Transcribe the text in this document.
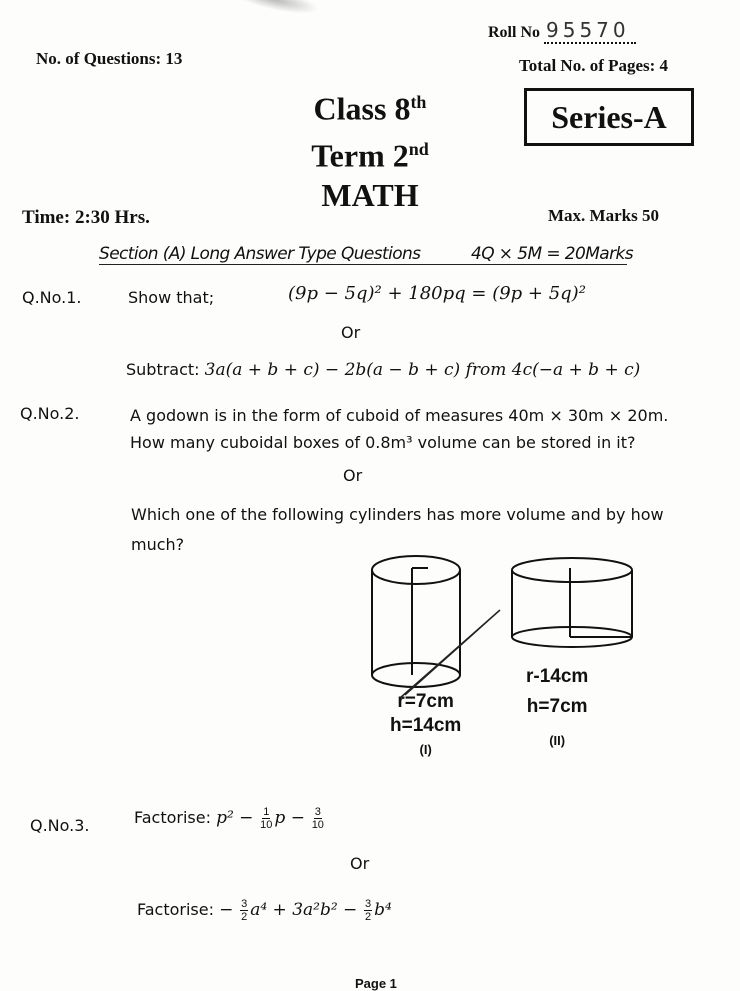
Roll No 95570
No. of Questions: 13	Total No. of Pages: 4
Class 8th
Term 2nd
MATH
Series-A
Time: 2:30 Hrs.	Max. Marks 50
Section (A) Long Answer Type Questions	4Q × 5M = 20Marks
Q.No.1.	Show that;	(9p − 5q)² + 180pq = (9p + 5q)²
Or
Subtract: 3a(a + b + c) − 2b(a − b + c) from 4c(−a + b + c)
Q.No.2.	A godown is in the form of cuboid of measures 40m × 30m × 20m.
How many cuboidal boxes of 0.8m³ volume can be stored in it?
Or
Which one of the following cylinders has more volume and by how
much?
r=7cm
h=14cm
(I)
r-14cm
h=7cm
(II)
Q.No.3.	Factorise: $p^2 - \frac{1}{10}$ $p - \frac{3}{10}$
Or
Factorise: − $\frac{3}{2} a^4 + 3a^2b^2 - \frac{3}{2} b^4$
Page 1
